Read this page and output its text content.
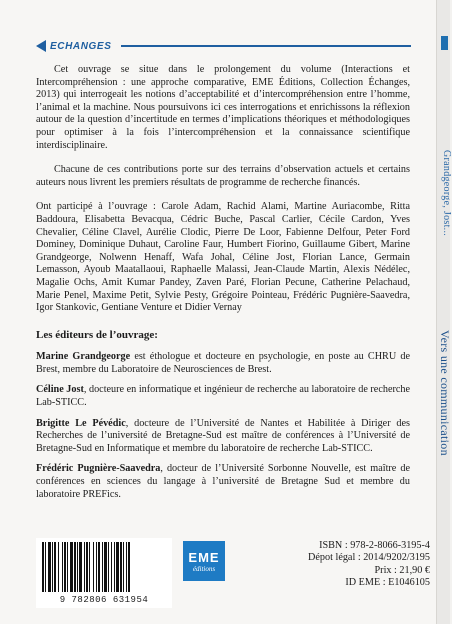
ECHANGES

Cet ouvrage se situe dans le prolongement du volume (Interactions et Intercompréhension : une approche comparative, EME Éditions, Collection Échanges, 2013) qui interrogeait les notions d’acceptabilité et d’intercompréhension entre l’homme, l’animal et la machine. Nous poursuivons ici ces interrogations et enrichissons la réflexion autour de la question d’incertitude en termes d’implications théoriques et méthodologiques pour optimiser à la fois l’intercompréhension et la connaissance scientifique interdisciplinaire.

Chacune de ces contributions porte sur des terrains d’observation actuels et certains auteurs nous livrent les premiers résultats de programme de recherche financés.

Ont participé à l’ouvrage : Carole Adam, Rachid Alami, Martine Auriacombe, Ritta Baddoura, Elisabetta Bevacqua, Cédric Buche, Pascal Carlier, Cécile Cardon, Yves Chevalier, Céline Clavel, Aurélie Clodic, Pierre De Loor, Fabienne Delfour, Peter Ford Dominey, Dominique Duhaut, Caroline Faur, Humbert Fiorino, Guillaume Gibert, Marine Grandgeorge, Nolwenn Henaff, Wafa Johal, Céline Jost, Florian Lance, Germain Lemasson, Ayoub Maatallaoui, Raphaelle Malassi, Jean-Claude Martin, Alexis Nédélec, Magalie Ochs, Amit Kumar Pandey, Zaven Paré, Florian Pecune, Catherine Pelachaud, Marie Penel, Maxime Petit, Sylvie Pesty, Grégoire Pointeau, Frédéric Pugnière-Saavedra, Igor Stankovic, Gentiane Venture et Didier Vernay

Les éditeurs de l’ouvrage:
Marine Grandgeorge est éthologue et docteure en psychologie, en poste au CHRU de Brest, membre du Laboratoire de Neurosciences de Brest.
Céline Jost, docteure en informatique et ingénieur de recherche au laboratoire de recherche Lab-STICC.
Brigitte Le Pévédic, docteure de l’Université de Nantes et Habilitée à Diriger des Recherches de l’université de Bretagne-Sud est maître de conférences à l’Université de Bretagne-Sud en Informatique et membre du laboratoire de recherche Lab-STICC.
Frédéric Pugnière-Saavedra, docteur de l’Université Sorbonne Nouvelle, est maître de conférences en sciences du langage à l’université de Bretagne Sud et membre du laboratoire PREFics.
9 782806 631954
EME
éditions
ISBN : 978-2-8066-3195-4
Dépot légal : 2014/9202/3195
Prix : 21,90 €
ID EME : E1046105
Grandgeorge, Jost...
Vers une communication
